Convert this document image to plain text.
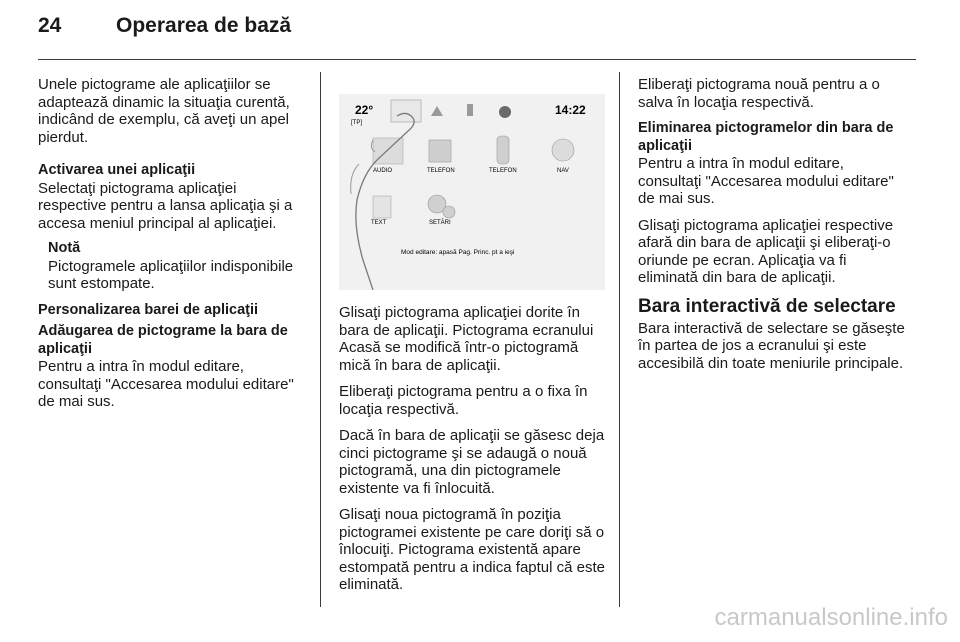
24	Operarea de bază

Unele pictograme ale aplicaţiilor se adaptează dinamic la situaţia curentă, indicând de exemplu, că aveţi un apel pierdut.

Activarea unei aplicaţii

Selectaţi pictograma aplicaţiei respective pentru a lansa aplicaţia şi a accesa meniul principal al aplicaţiei.

Notă
Pictogramele aplicaţiilor indisponibile sunt estompate.

Personalizarea barei de aplicaţii

Adăugarea de pictograme la bara de aplicaţii

Pentru a intra în modul editare, consultaţi "Accesarea modului editare" de mai sus.

22°
[TP]
14:22
AUDIO	TELEFON	TELEFON	NAV
TEXT	SETĂRI
Mod editare: apasă Pag. Princ. pt a ieşi

Glisaţi pictograma aplicaţiei dorite în bara de aplicaţii. Pictograma ecranului Acasă se modifică într-o pictogramă mică în bara de aplicaţii.

Eliberaţi pictograma pentru a o fixa în locaţia respectivă.

Dacă în bara de aplicaţii se găsesc deja cinci pictograme şi se adaugă o nouă pictogramă, una din pictogramele existente va fi înlocuită.

Glisaţi noua pictogramă în poziţia pictogramei existente pe care doriţi să o înlocuiţi. Pictograma existentă apare estompată pentru a indica faptul că este eliminată.

Eliberaţi pictograma nouă pentru a o salva în locaţia respectivă.

Eliminarea pictogramelor din bara de aplicaţii

Pentru a intra în modul editare, consultaţi "Accesarea modului editare" de mai sus.

Glisaţi pictograma aplicaţiei respective afară din bara de aplicaţii şi eliberaţi-o oriunde pe ecran. Aplicaţia va fi eliminată din bara de aplicaţii.

Bara interactivă de selectare

Bara interactivă de selectare se găseşte în partea de jos a ecranului şi este accesibilă din toate meniurile principale.

carmanualsonline.info
